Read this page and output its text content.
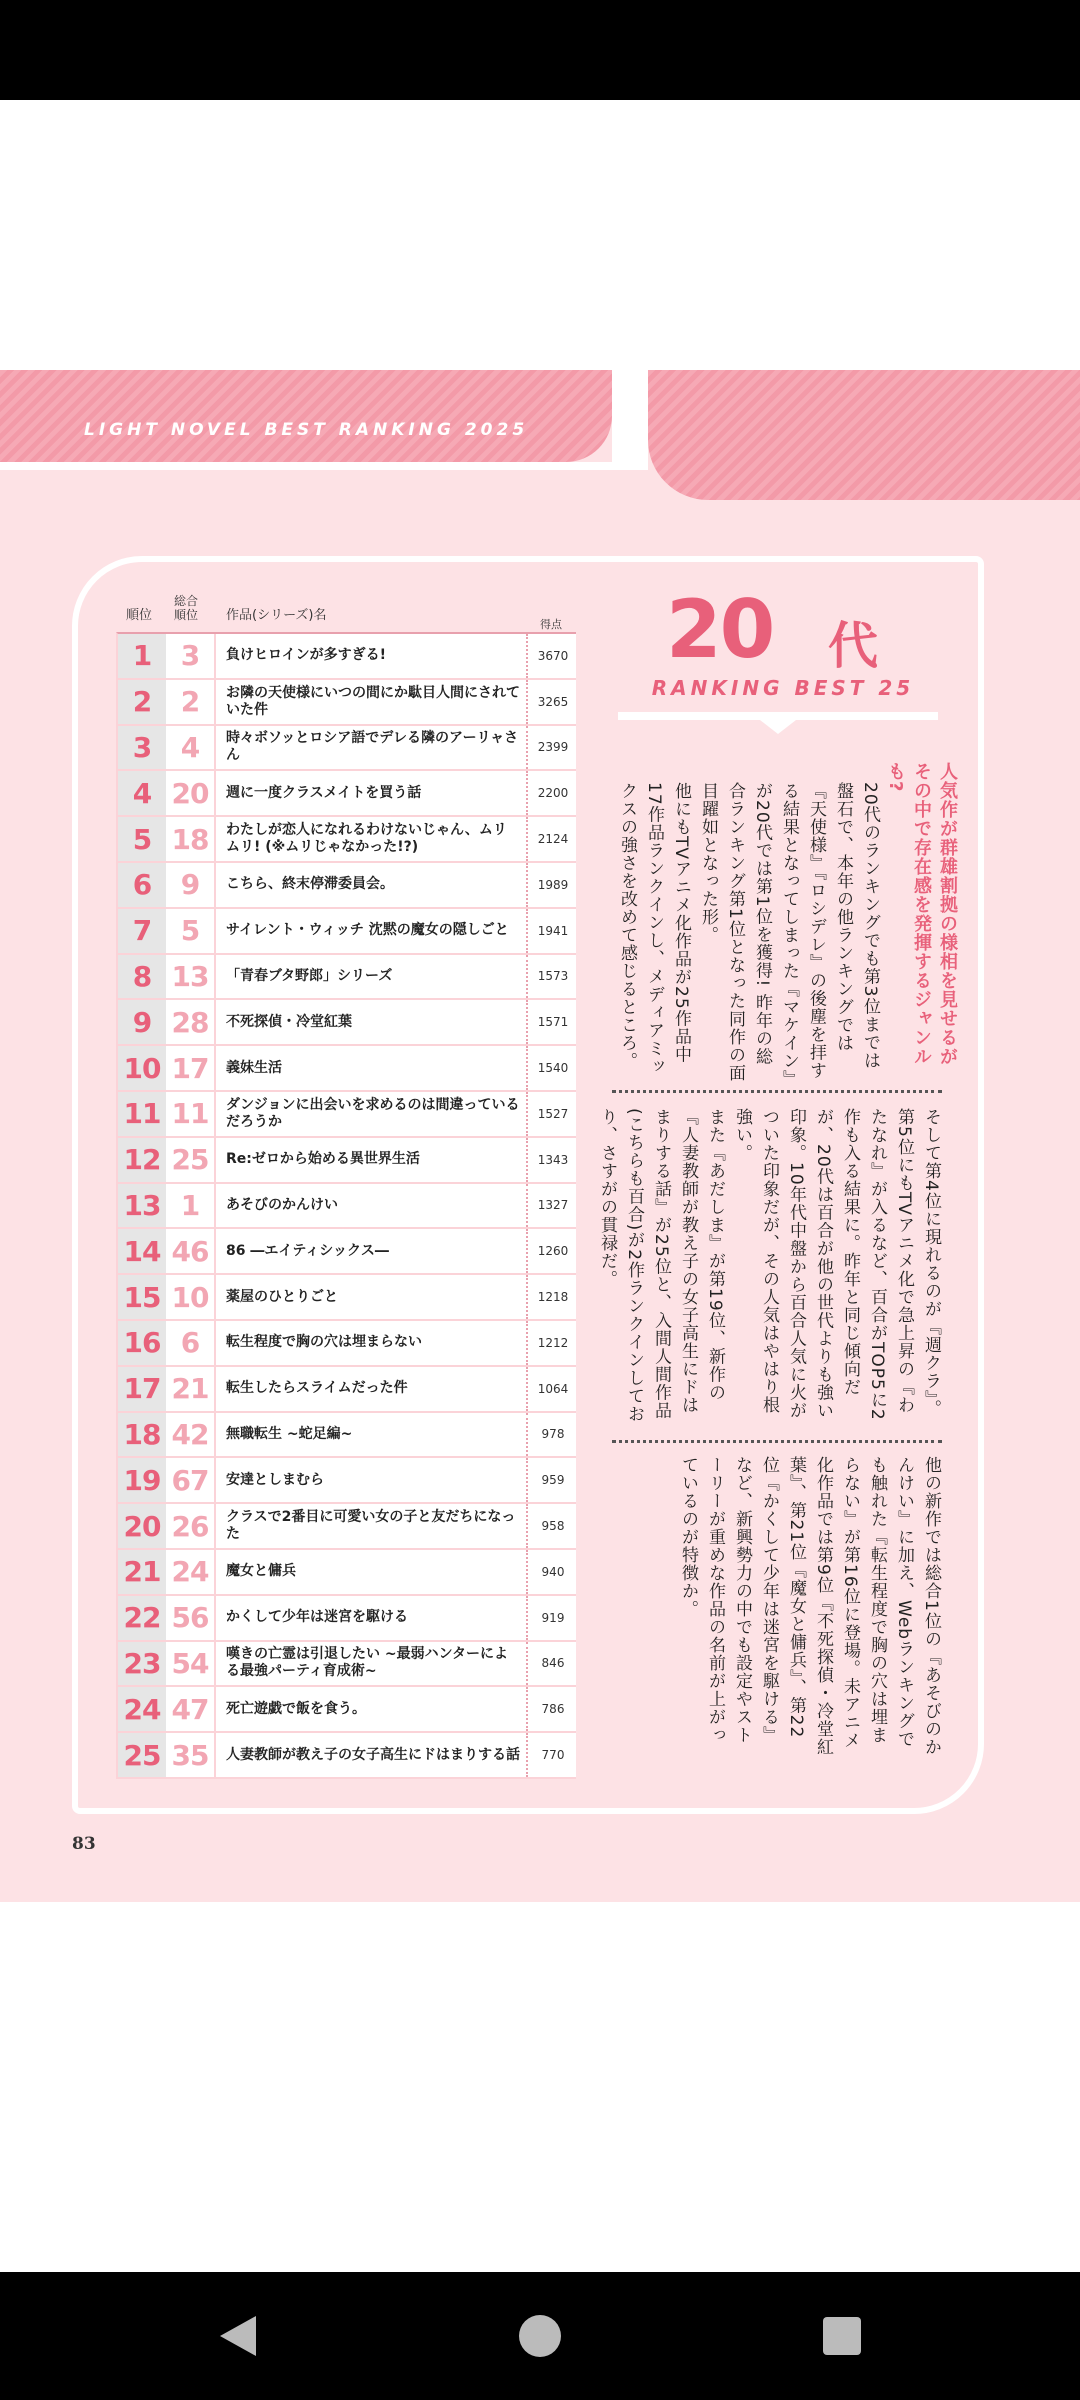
LIGHT NOVEL BEST RANKING 2025
83
順位
総合
順位 作品(シリーズ)名
得点
1	3	負けヒロインが多すぎる!	3670
2	2	お隣の天使様にいつの間にか駄目人間にされていた件	3265
3	4	時々ボソッとロシア語でデレる隣のアーリャさん	2399
4 20	週に一度クラスメイトを買う話	2200
5 18	わたしが恋人になれるわけないじゃん、ムリムリ! (※ムリじゃなかった!?)	2124
6	9	こちら、終末停滞委員会。	1989
7	5	サイレント・ウィッチ 沈黙の魔女の隠しごと	1941
8 13	「青春ブタ野郎」シリーズ	1573
9 28	不死探偵・冷堂紅葉	1571
10 17	義妹生活	1540
11 11	ダンジョンに出会いを求めるのは間違っているだろうか	1527
12 25	Re:ゼロから始める異世界生活	1343
13 1	あそびのかんけい	1327
14 46	86 ―エイティシックス―	1260
15 10	薬屋のひとりごと	1218
16 6	転生程度で胸の穴は埋まらない	1212
17 21	転生したらスライムだった件	1064
18 42	無職転生 ~蛇足編~	978
19 67	安達としまむら	959
20 26	クラスで2番目に可愛い女の子と友だちになった	958
21 24	魔女と傭兵	940
22 56	かくして少年は迷宮を駆ける	919
23 54	嘆きの亡霊は引退したい ~最弱ハンターによる最強パーティ育成術~	846
24 47	死亡遊戯で飯を食う。	786
25 35	人妻教師が教え子の女子高生にドはまりする話	770
20 代
RANKING BEST 25
人気作が群雄割拠の様相を見せるがその中で存在感を発揮するジャンルも?
20代のランキングでも第3位までは盤石で、本年の他ランキングでは『天使様』『ロシデレ』の後塵を拝する結果となってしまった『マケイン』が20代では第1位を獲得! 昨年の総合ランキング第1位となった同作の面目躍如となった形。
他にもTVアニメ化作品が25作品中17作品ランクインし、メディアミックスの強さを改めて感じるところ。
そして第4位に現れるのが『週クラ』。第5位にもTVアニメ化で急上昇の『わたなれ』が入るなど、百合がTOP5に2作も入る結果に。昨年と同じ傾向だが、20代は百合が他の世代よりも強い印象。10年代中盤から百合人気に火がついた印象だが、その人気はやはり根強い。
また『あだしま』が第19位、新作の『人妻教師が教え子の女子高生にドはまりする話』が25位と、入間人間作品(こちらも百合)が2作ランクインしており、さすがの貫禄だ。
他の新作では総合1位の『あそびのかんけい』に加え、Webランキングでも触れた『転生程度で胸の穴は埋まらない』が第16位に登場。未アニメ化作品では第9位『不死探偵・冷堂紅葉』、第21位『魔女と傭兵』、第22位『かくして少年は迷宮を駆ける』など、新興勢力の中でも設定やストーリーが重めな作品の名前が上がっているのが特徴か。
